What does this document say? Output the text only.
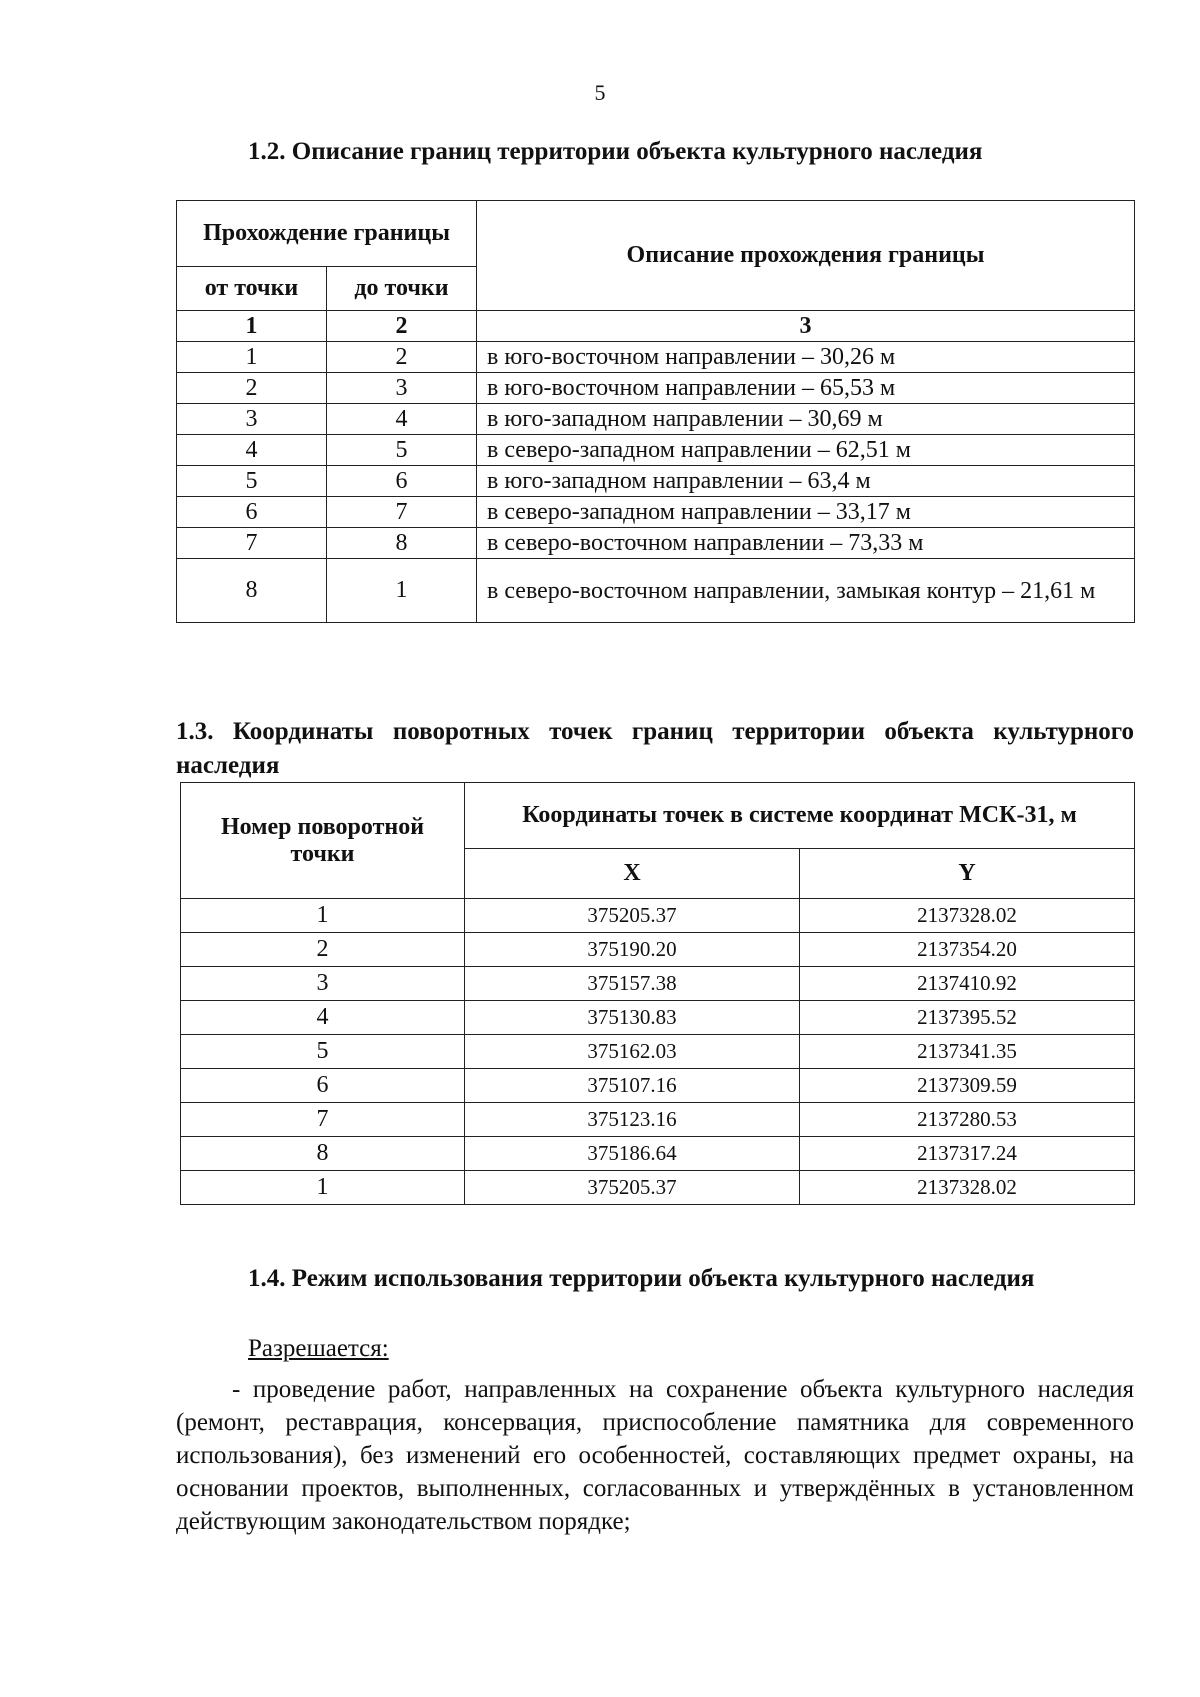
5
1.2. Описание границ территории объекта культурного наследия
Прохождение границы		Описание прохождения границы
от точки	до точки	
1	2	3
1	2	в юго-восточном направлении – 30,26 м
2	3	в юго-восточном направлении – 65,53 м
3	4	в юго-западном направлении – 30,69 м
4	5	в северо-западном направлении – 62,51 м
5	6	в юго-западном направлении – 63,4 м
6	7	в северо-западном направлении – 33,17 м
7	8	в северо-восточном направлении – 73,33 м
8	1	в северо-восточном направлении, замыкая контур – 21,61 м
1.3. Координаты поворотных точек границ территории объекта культурного наследия
Номер поворотной точки	Координаты точек в системе координат МСК-31, м	
	X	Y
1	375205.37	2137328.02
2	375190.20	2137354.20
3	375157.38	2137410.92
4	375130.83	2137395.52
5	375162.03	2137341.35
6	375107.16	2137309.59
7	375123.16	2137280.53
8	375186.64	2137317.24
1	375205.37	2137328.02
1.4. Режим использования территории объекта культурного наследия

Разрешается:

- проведение работ, направленных на сохранение объекта культурного наследия (ремонт, реставрация, консервация, приспособление памятника для современного использования), без изменений его особенностей, составляющих предмет охраны, на основании проектов, выполненных, согласованных и утверждённых в установленном действующим законодательством порядке;
